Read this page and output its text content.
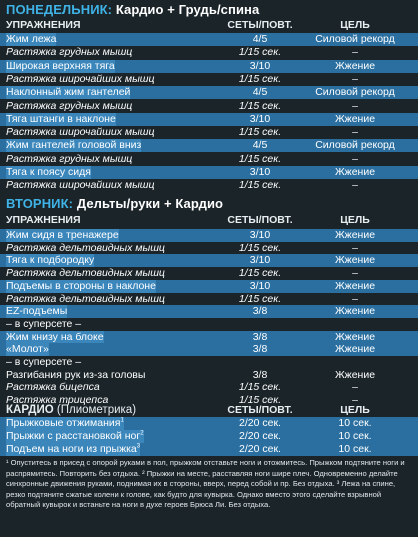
ПОНЕДЕЛЬНИК: Кардио + Грудь/спина
УПРАЖНЕНИЯ	СЕТЫ/ПОВТ.	ЦЕЛЬ
Жим лежа	4/5	Силовой рекорд
Растяжка грудных мышц	1/15 сек.	–
Широкая верхняя тяга	3/10	Жжение
Растяжка широчайших мышц	1/15 сек.	–
Наклонный жим гантелей	4/5	Силовой рекорд
Растяжка грудных мышц	1/15 сек.	–
Тяга штанги в наклоне	3/10	Жжение
Растяжка широчайших мышц	1/15 сек.	–
Жим гантелей головой вниз	4/5	Силовой рекорд
Растяжка грудных мышц	1/15 сек.	–
Тяга к поясу сидя	3/10	Жжение
Растяжка широчайших мышц	1/15 сек.	–
ВТОРНИК: Дельты/руки + Кардио
УПРАЖНЕНИЯ	СЕТЫ/ПОВТ.	ЦЕЛЬ
Жим сидя в тренажере	3/10	Жжение
Растяжка дельтовидных мышц	1/15 сек.	–
Тяга к подбородку	3/10	Жжение
Растяжка дельтовидных мышц	1/15 сек.	–
Подъемы в стороны в наклоне	3/10	Жжение
Растяжка дельтовидных мышц	1/15 сек.	–
EZ-подъемы	3/8	Жжение
– в суперсете –
Жим книзу на блоке	3/8	Жжение
«Молот»	3/8	Жжение
– в суперсете –
Разгибания рук из-за головы	3/8	Жжение
Растяжка бицепса	1/15 сек.	–
Растяжка трицепса	1/15 сек.	–
КАРДИО (Плиометрика)	СЕТЫ/ПОВТ.	ЦЕЛЬ
Прыжковые отжимания$^1$	2/20 сек.	10 сек.
Прыжки с расстановкой ног$^2$	2/20 сек.	10 сек.
Подъем на ноги из прыжка$^3$	2/20 сек.	10 сек.
¹ Опуститесь в присед с опорой руками в пол, прыжком отставьте ноги и отожмитесь. Прыжком подтяните ноги и распрямитесь. Повторить без отдыха. ² Прыжки на месте, расставляя ноги шире плеч. Одновременно делайте синхронные движения руками, поднимая их в стороны, вверх, перед собой и пр. Без отдыха. ³ Лежа на спине, резко подтяните сжатые колени к голове, как будто для кувырка. Однако вместо этого сделайте взрывной обратный кувырок и встаньте на ноги в духе героев Брюса Ли. Без отдыха.
